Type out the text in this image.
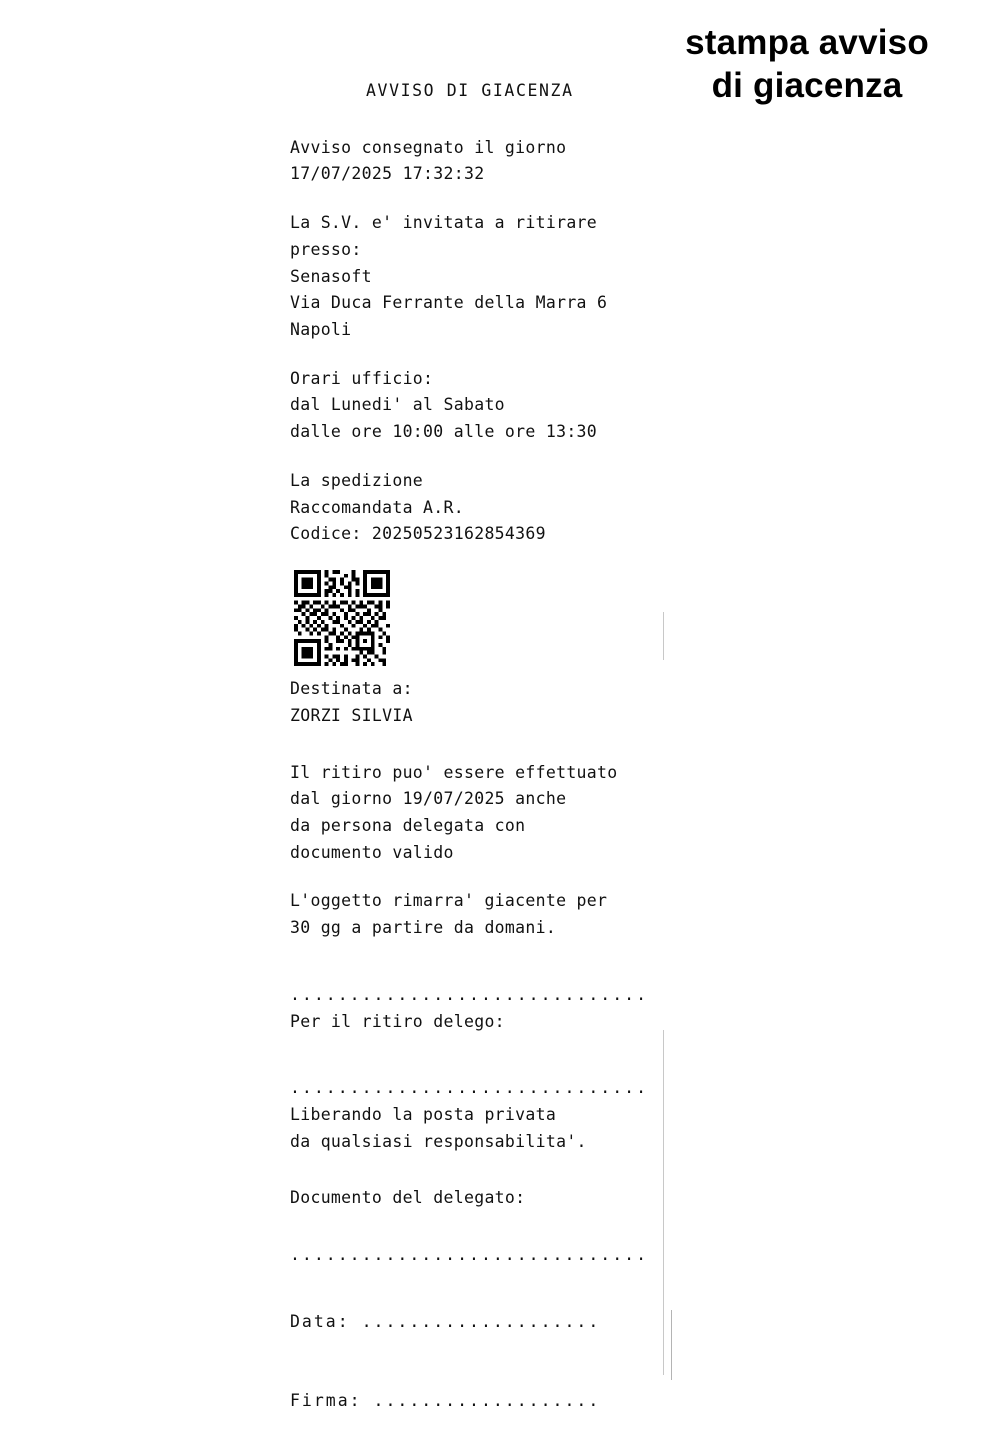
stampa avviso
di giacenza
AVVISO DI GIACENZA
Avviso consegnato il giorno
17/07/2025 17:32:32
La S.V. e' invitata a ritirare
presso:
Senasoft
Via Duca Ferrante della Marra 6
Napoli
Orari ufficio:
dal Lunedi' al Sabato
dalle ore 10:00 alle ore 13:30
La spedizione
Raccomandata A.R.
Codice: 20250523162854369
Destinata a:
ZORZI SILVIA
Il ritiro puo' essere effettuato
dal giorno 19/07/2025 anche
da persona delegata con
documento valido
L'oggetto rimarra' giacente per
30 gg a partire da domani.
..............................
Per il ritiro delego:
..............................
Liberando la posta privata
da qualsiasi responsabilita'.
Documento del delegato:
..............................
Data: ....................
Firma: ...................
